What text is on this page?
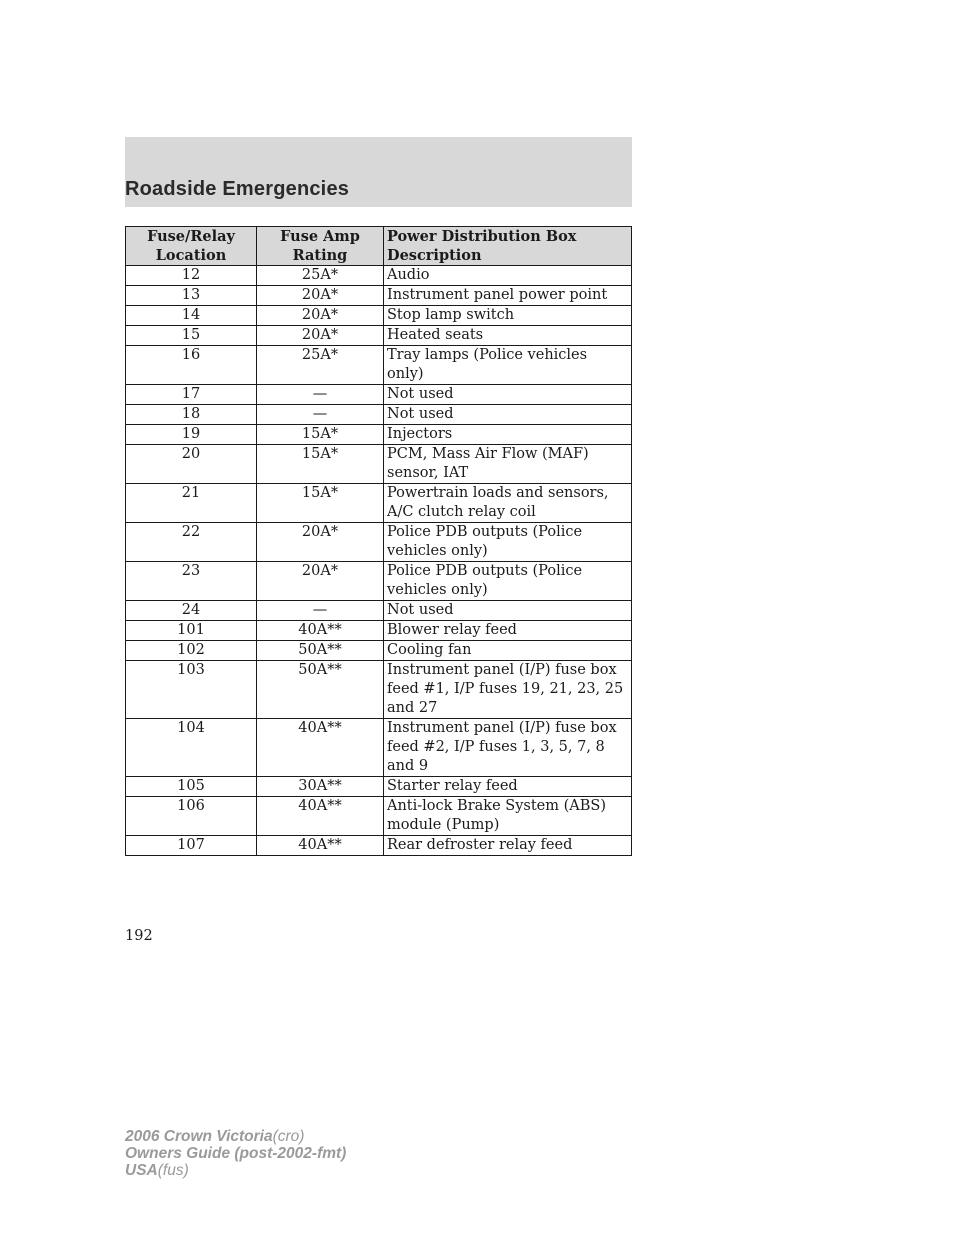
Roadside Emergencies
Fuse/Relay Location	Fuse Amp Rating	Power Distribution Box Description
12	25A*	Audio
13	20A*	Instrument panel power point
14	20A*	Stop lamp switch
15	20A*	Heated seats
16	25A*	Tray lamps (Police vehicles only)
17	—	Not used
18	—	Not used
19	15A*	Injectors
20	15A*	PCM, Mass Air Flow (MAF) sensor, IAT
21	15A*	Powertrain loads and sensors, A/C clutch relay coil
22	20A*	Police PDB outputs (Police vehicles only)
23	20A*	Police PDB outputs (Police vehicles only)
24	—	Not used
101	40A**	Blower relay feed
102	50A**	Cooling fan
103	50A**	Instrument panel (I/P) fuse box feed #1, I/P fuses 19, 21, 23, 25 and 27
104	40A**	Instrument panel (I/P) fuse box feed #2, I/P fuses 1, 3, 5, 7, 8 and 9
105	30A**	Starter relay feed
106	40A**	Anti-lock Brake System (ABS) module (Pump)
107	40A**	Rear defroster relay feed
192
2006 Crown Victoria(cro)
Owners Guide (post-2002-fmt)
USA(fus)
